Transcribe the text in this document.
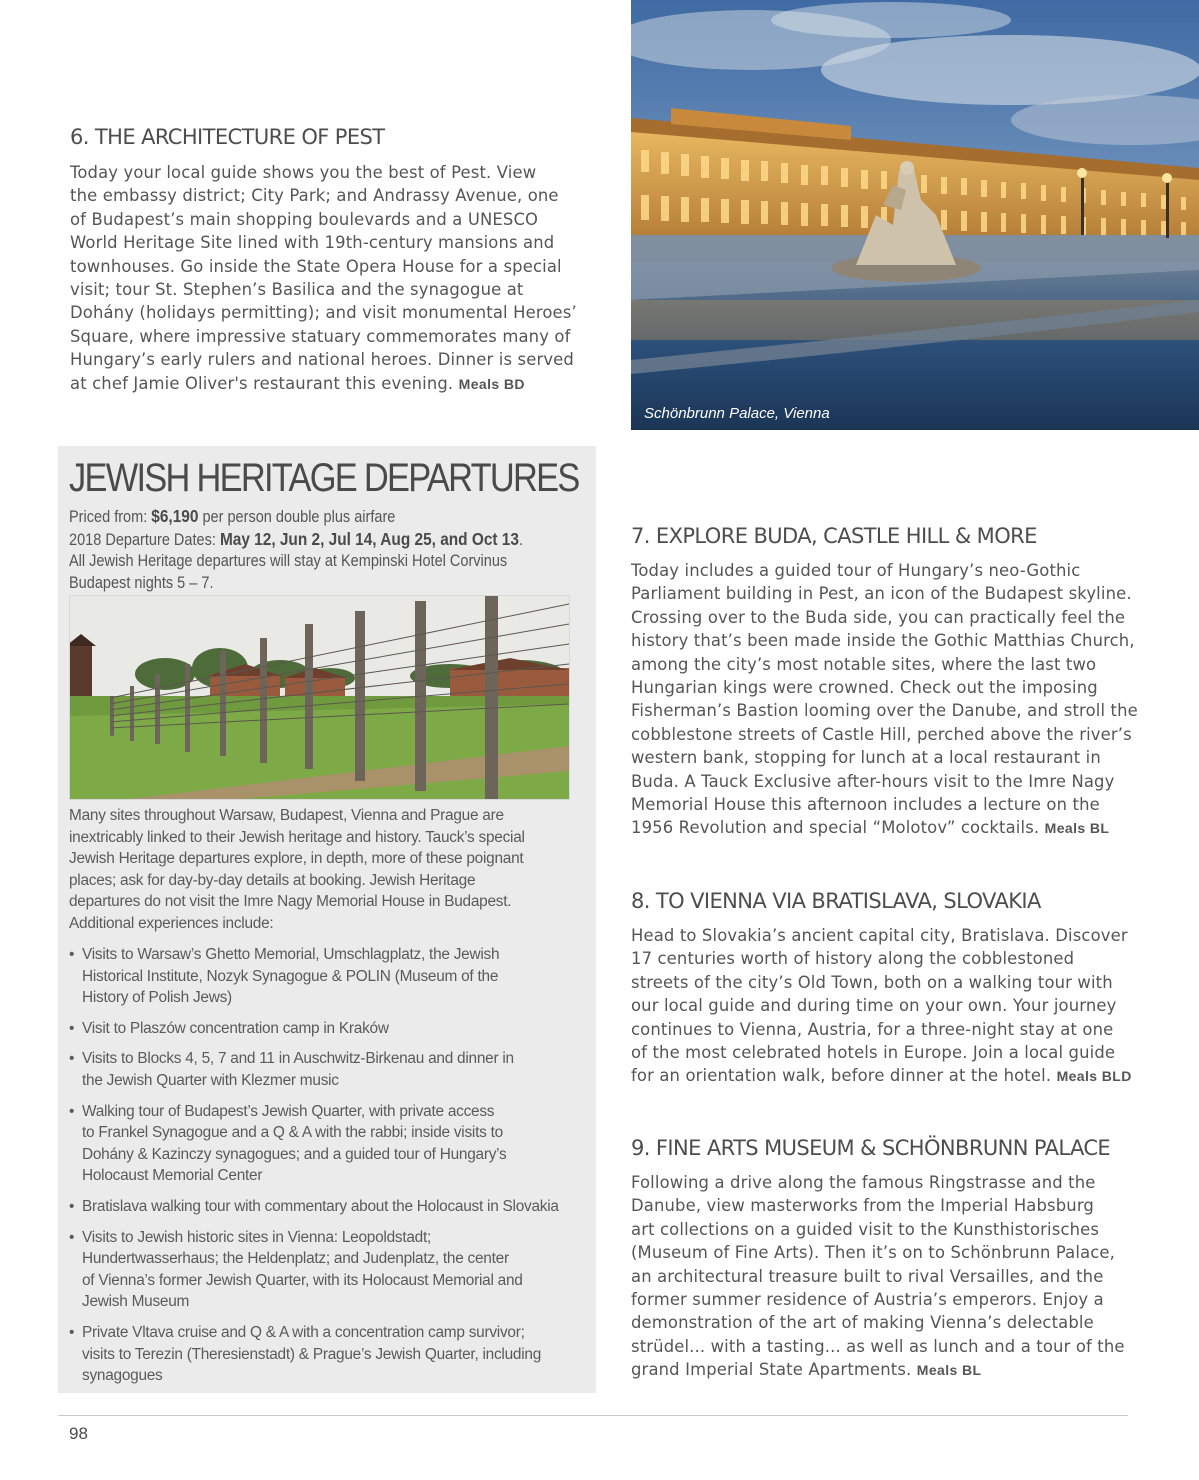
6. THE ARCHITECTURE OF PEST
Today your local guide shows you the best of Pest. View
the embassy district; City Park; and Andrassy Avenue, one
of Budapest’s main shopping boulevards and a UNESCO
World Heritage Site lined with 19th-century mansions and
townhouses. Go inside the State Opera House for a special
visit; tour St. Stephen’s Basilica and the synagogue at
Dohány (holidays permitting); and visit monumental Heroes’
Square, where impressive statuary commemorates many of
Hungary’s early rulers and national heroes. Dinner is served
at chef Jamie Oliver's restaurant this evening. Meals BD
Schönbrunn Palace, Vienna
JEWISH HERITAGE DEPARTURES
Priced from: $6,190 per person double plus airfare
2018 Departure Dates: May 12, Jun 2, Jul 14, Aug 25, and Oct 13.
All Jewish Heritage departures will stay at Kempinski Hotel Corvinus
Budapest nights 5 – 7.
Many sites throughout Warsaw, Budapest, Vienna and Prague are
inextricably linked to their Jewish heritage and history. Tauck’s special
Jewish Heritage departures explore, in depth, more of these poignant
places; ask for day-by-day details at booking. Jewish Heritage
departures do not visit the Imre Nagy Memorial House in Budapest.
Additional experiences include:
• Visits to Warsaw’s Ghetto Memorial, Umschlagplatz, the Jewish
Historical Institute, Nozyk Synagogue & POLIN (Museum of the
History of Polish Jews)
• Visit to Plaszów concentration camp in Kraków
• Visits to Blocks 4, 5, 7 and 11 in Auschwitz-Birkenau and dinner in
the Jewish Quarter with Klezmer music
• Walking tour of Budapest’s Jewish Quarter, with private access
to Frankel Synagogue and a Q & A with the rabbi; inside visits to
Dohány & Kazinczy synagogues; and a guided tour of Hungary’s
Holocaust Memorial Center
• Bratislava walking tour with commentary about the Holocaust in Slovakia
• Visits to Jewish historic sites in Vienna: Leopoldstadt;
Hundertwasserhaus; the Heldenplatz; and Judenplatz, the center
of Vienna’s former Jewish Quarter, with its Holocaust Memorial and
Jewish Museum
• Private Vltava cruise and Q & A with a concentration camp survivor;
visits to Terezin (Theresienstadt) & Prague’s Jewish Quarter, including
synagogues
7. EXPLORE BUDA, CASTLE HILL & MORE
Today includes a guided tour of Hungary’s neo-Gothic
Parliament building in Pest, an icon of the Budapest skyline.
Crossing over to the Buda side, you can practically feel the
history that’s been made inside the Gothic Matthias Church,
among the city’s most notable sites, where the last two
Hungarian kings were crowned. Check out the imposing
Fisherman’s Bastion looming over the Danube, and stroll the
cobblestone streets of Castle Hill, perched above the river’s
western bank, stopping for lunch at a local restaurant in
Buda. A Tauck Exclusive after-hours visit to the Imre Nagy
Memorial House this afternoon includes a lecture on the
1956 Revolution and special “Molotov” cocktails. Meals BL
8. TO VIENNA VIA BRATISLAVA, SLOVAKIA
Head to Slovakia’s ancient capital city, Bratislava. Discover
17 centuries worth of history along the cobblestoned
streets of the city’s Old Town, both on a walking tour with
our local guide and during time on your own. Your journey
continues to Vienna, Austria, for a three-night stay at one
of the most celebrated hotels in Europe. Join a local guide
for an orientation walk, before dinner at the hotel. Meals BLD
9. FINE ARTS MUSEUM & SCHÖNBRUNN PALACE
Following a drive along the famous Ringstrasse and the
Danube, view masterworks from the Imperial Habsburg
art collections on a guided visit to the Kunsthistorisches
(Museum of Fine Arts). Then it’s on to Schönbrunn Palace,
an architectural treasure built to rival Versailles, and the
former summer residence of Austria’s emperors. Enjoy a
demonstration of the art of making Vienna’s delectable
strüdel... with a tasting... as well as lunch and a tour of the
grand Imperial State Apartments. Meals BL
98
